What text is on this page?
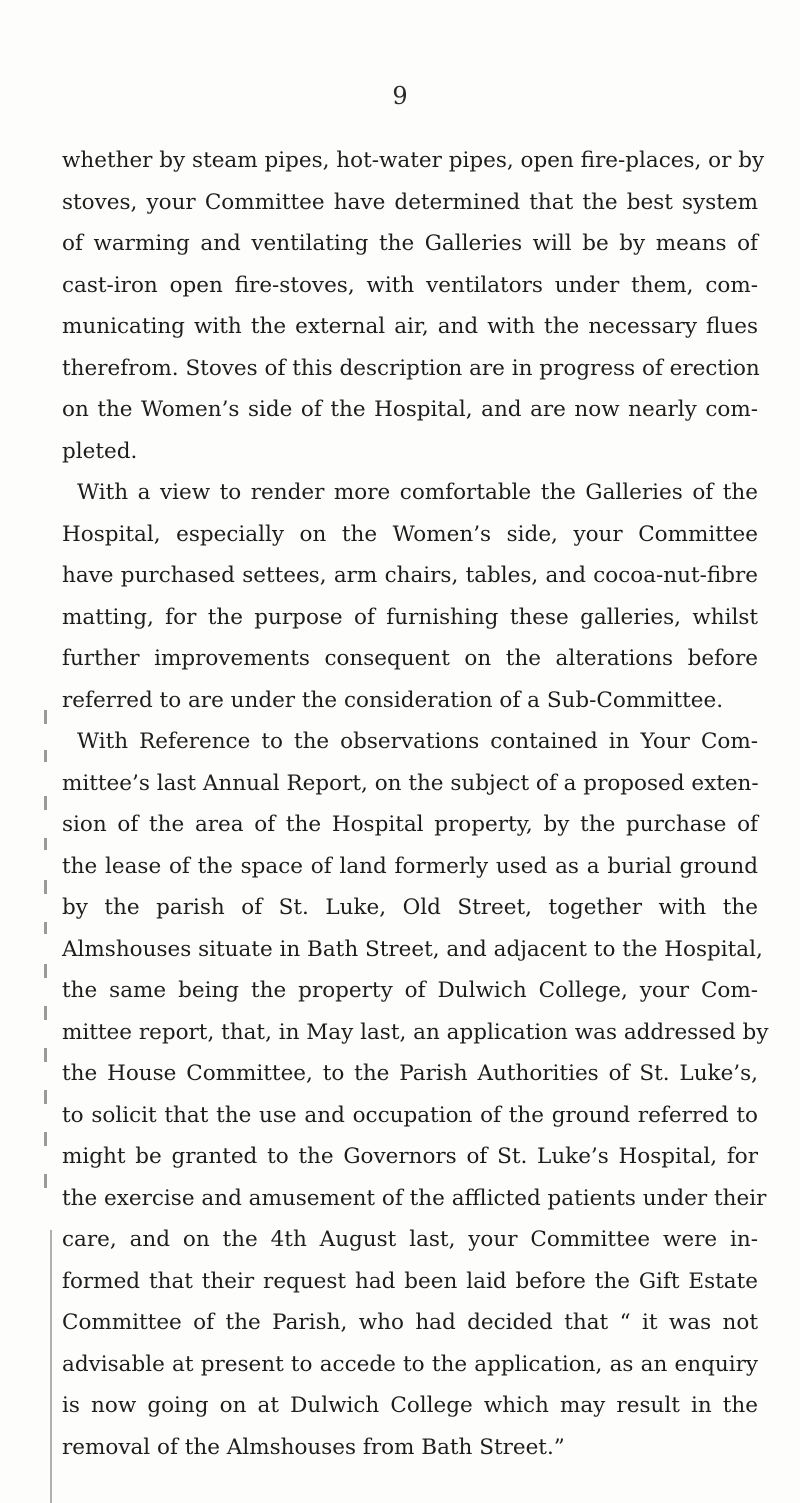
9
whether by steam pipes, hot-water pipes, open fire-places, or by
stoves, your Committee have determined that the best system
of warming and ventilating the Galleries will be by means of
cast-iron open fire-stoves, with ventilators under them, com-
municating with the external air, and with the necessary flues
therefrom. Stoves of this description are in progress of erection
on the Women’s side of the Hospital, and are now nearly com-
pleted.
With a view to render more comfortable the Galleries of the
Hospital, especially on the Women’s side, your Committee
have purchased settees, arm chairs, tables, and cocoa-nut-fibre
matting, for the purpose of furnishing these galleries, whilst
further improvements consequent on the alterations before
referred to are under the consideration of a Sub-Committee.
With Reference to the observations contained in Your Com-
mittee’s last Annual Report, on the subject of a proposed exten-
sion of the area of the Hospital property, by the purchase of
the lease of the space of land formerly used as a burial ground
by the parish of St. Luke, Old Street, together with the
Almshouses situate in Bath Street, and adjacent to the Hospital,
the same being the property of Dulwich College, your Com-
mittee report, that, in May last, an application was addressed by
the House Committee, to the Parish Authorities of St. Luke’s,
to solicit that the use and occupation of the ground referred to
might be granted to the Governors of St. Luke’s Hospital, for
the exercise and amusement of the afflicted patients under their
care, and on the 4th August last, your Committee were in-
formed that their request had been laid before the Gift Estate
Committee of the Parish, who had decided that “ it was not
advisable at present to accede to the application, as an enquiry
is now going on at Dulwich College which may result in the
removal of the Almshouses from Bath Street.”
